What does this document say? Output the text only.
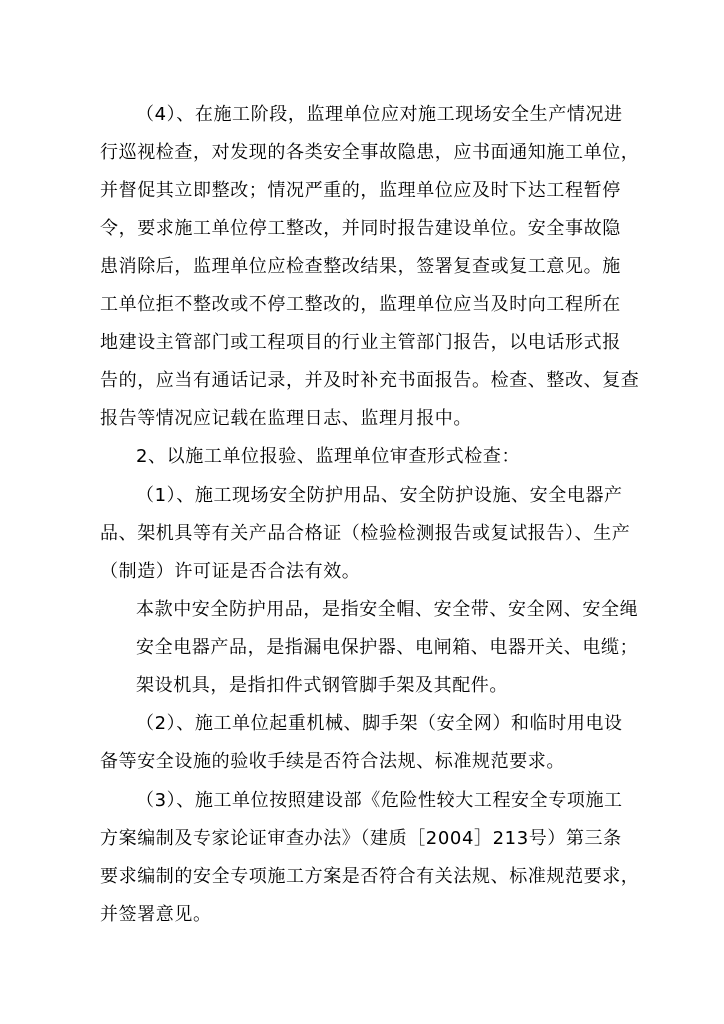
（4）、在施工阶段，监理单位应对施工现场安全生产情况进
行巡视检查，对发现的各类安全事故隐患，应书面通知施工单位，
并督促其立即整改；情况严重的，监理单位应及时下达工程暂停
令，要求施工单位停工整改，并同时报告建设单位。安全事故隐
患消除后，监理单位应检查整改结果，签署复查或复工意见。施
工单位拒不整改或不停工整改的，监理单位应当及时向工程所在
地建设主管部门或工程项目的行业主管部门报告，以电话形式报
告的，应当有通话记录，并及时补充书面报告。检查、整改、复查
报告等情况应记载在监理日志、监理月报中。
2、以施工单位报验、监理单位审查形式检查：
（1）、施工现场安全防护用品、安全防护设施、安全电器产
品、架机具等有关产品合格证（检验检测报告或复试报告）、生产
（制造）许可证是否合法有效。
本款中安全防护用品，是指安全帽、安全带、安全网、安全绳
安全电器产品，是指漏电保护器、电闸箱、电器开关、电缆；
架设机具，是指扣件式钢管脚手架及其配件。
（2）、施工单位起重机械、脚手架（安全网）和临时用电设
备等安全设施的验收手续是否符合法规、标准规范要求。
（3）、施工单位按照建设部《危险性较大工程安全专项施工
方案编制及专家论证审查办法》（建质［2004］213号）第三条
要求编制的安全专项施工方案是否符合有关法规、标准规范要求，
并签署意见。
